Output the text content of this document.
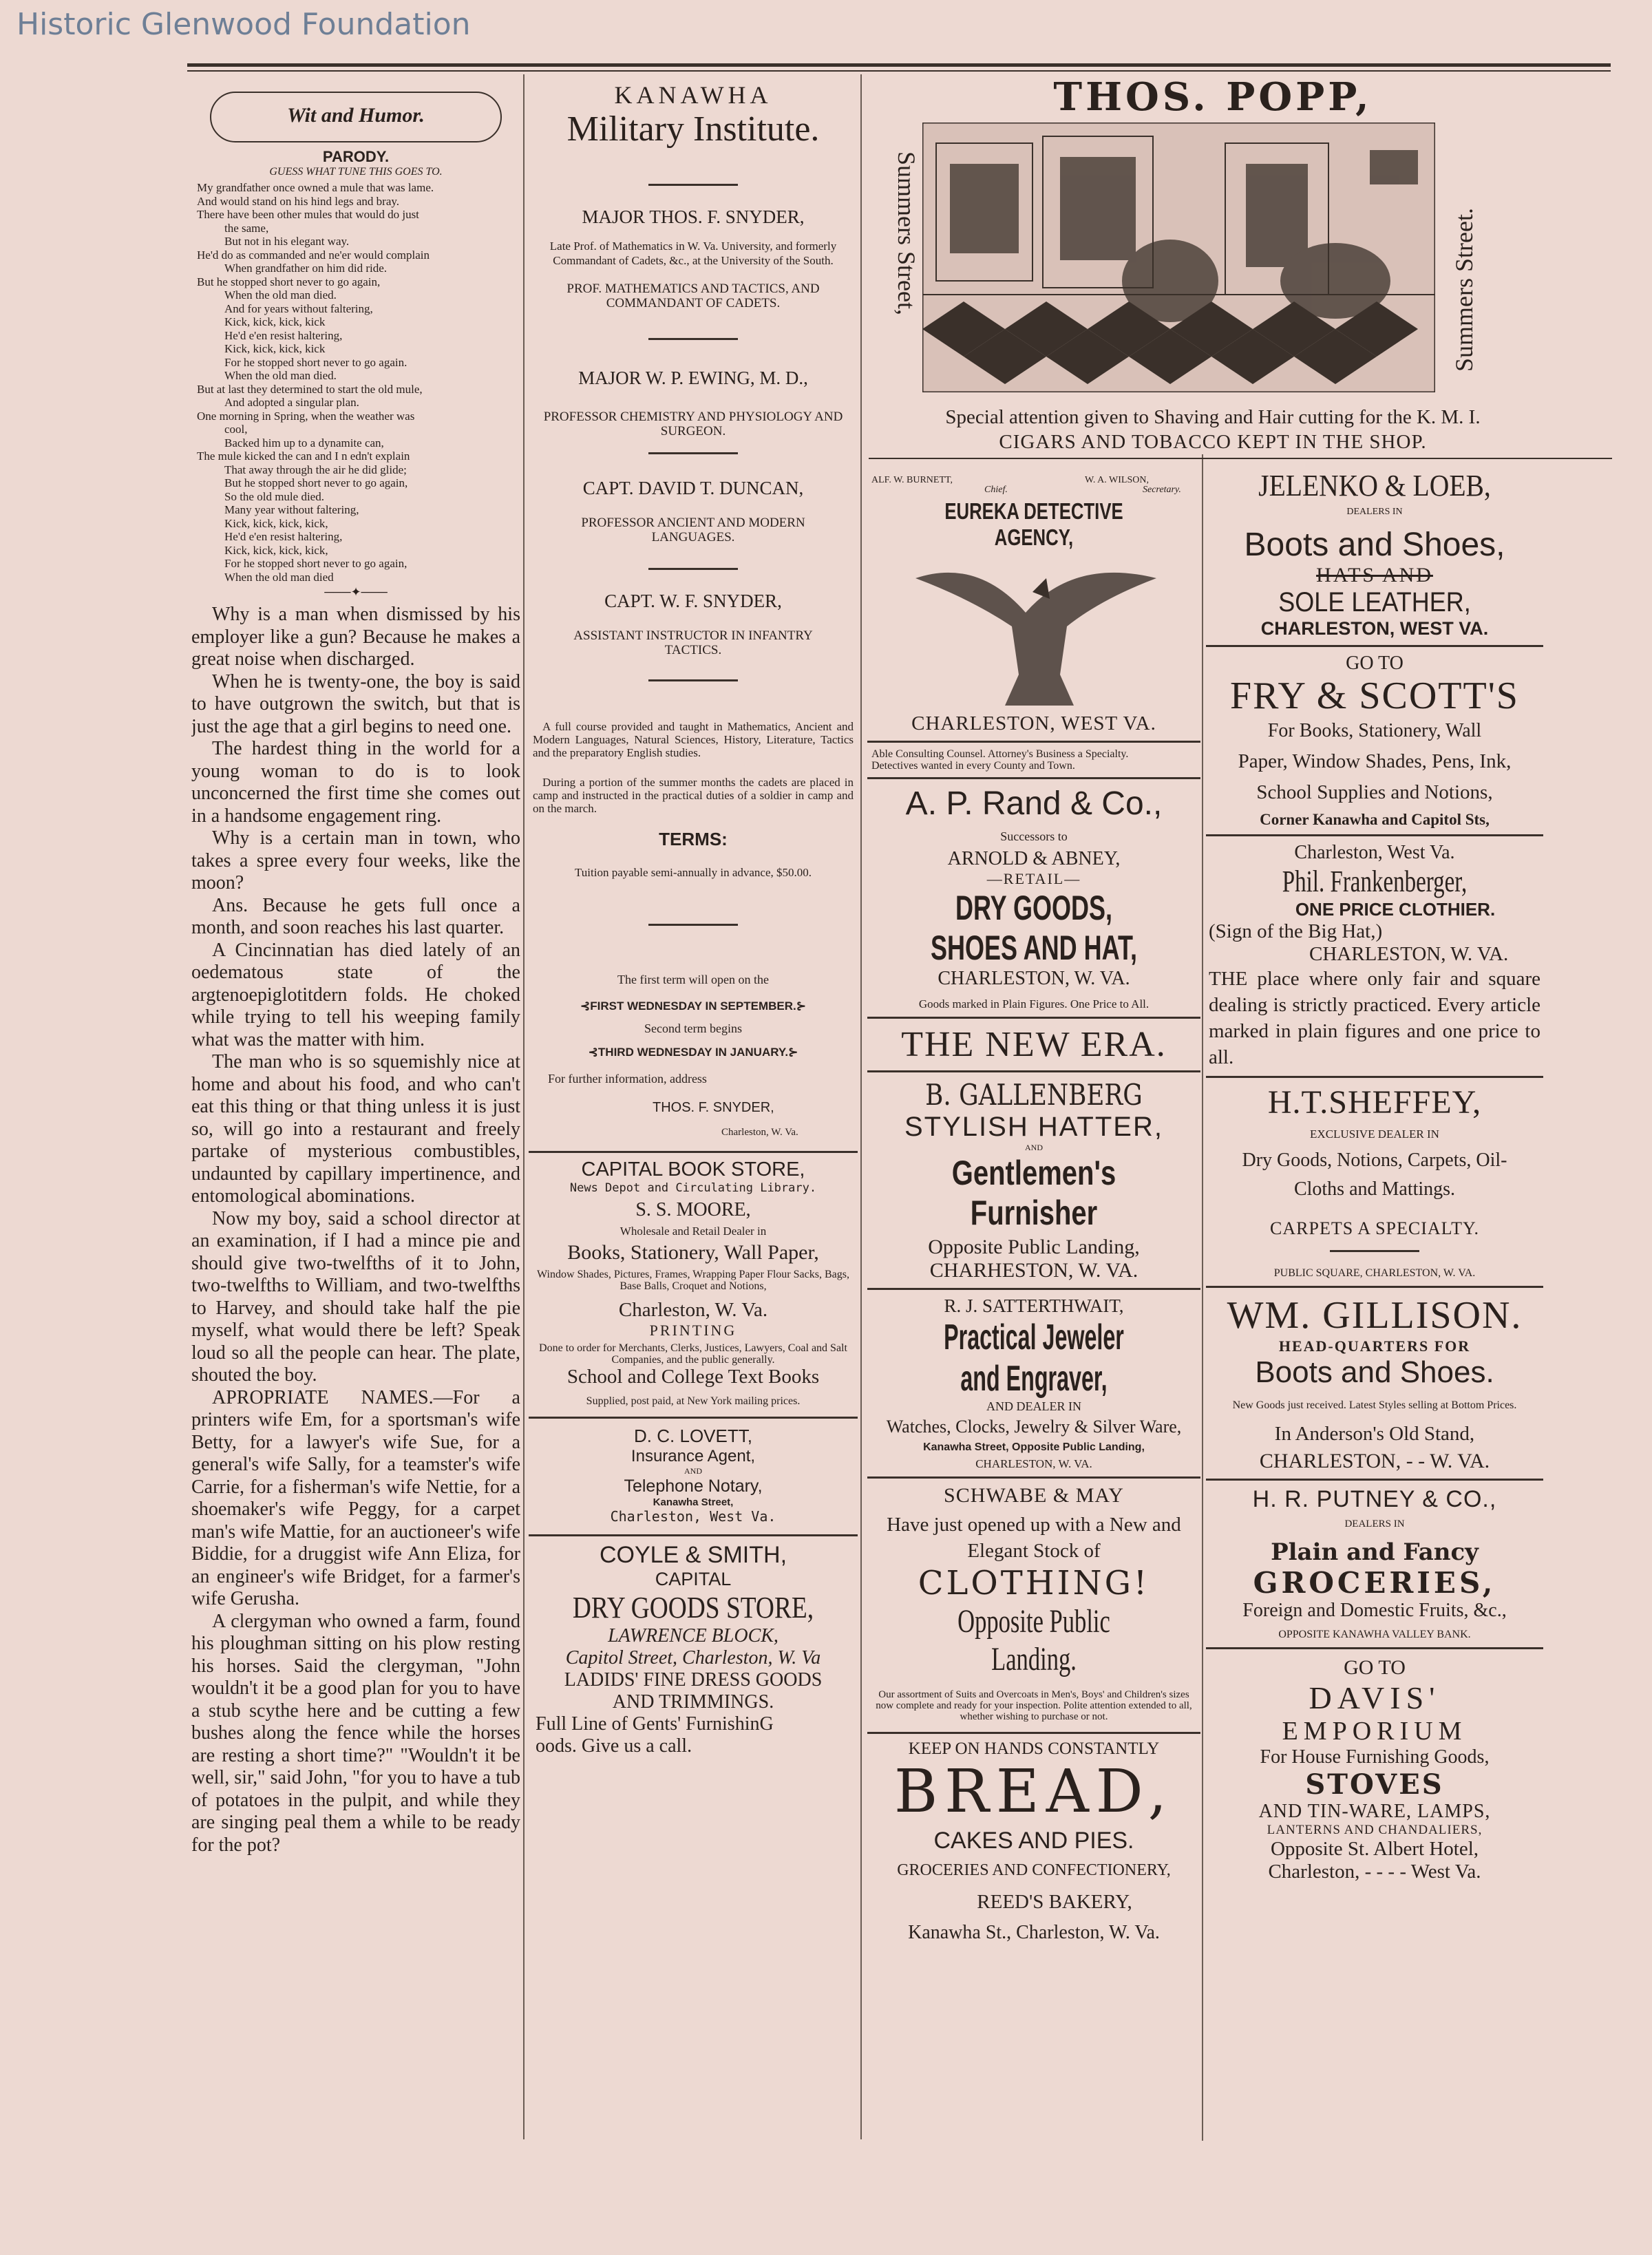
Historic Glenwood Foundation
Wit and Humor.
PARODY.
GUESS WHAT TUNE THIS GOES TO.
My grandfather once owned a mule that was lame.
And would stand on his hind legs and bray.
There have been other mules that would do just
the same,
But not in his elegant way.
He'd do as commanded and ne'er would complain
When grandfather on him did ride.
But he stopped short never to go again,
When the old man died.
And for years without faltering,
Kick, kick, kick, kick
He'd e'en resist haltering,
Kick, kick, kick, kick
For he stopped short never to go again.
When the old man died.
But at last they determined to start the old mule,
And adopted a singular plan.
One morning in Spring, when the weather was
cool,
Backed him up to a dynamite can,
The mule kicked the can and I n edn't explain
That away through the air he did glide;
But he stopped short never to go again,
So the old mule died.
Many year without faltering,
Kick, kick, kick, kick,
He'd e'en resist haltering,
Kick, kick, kick, kick,
For he stopped short never to go again,
When the old man died
───✦───

Why is a man when dismissed by his employer like a gun? Because he makes a great noise when discharged.

When he is twenty-one, the boy is said to have outgrown the switch, but that is just the age that a girl begins to need one.

The hardest thing in the world for a young woman to do is to look unconcerned the first time she comes out in a handsome engagement ring.

Why is a certain man in town, who takes a spree every four weeks, like the moon?

Ans. Because he gets full once a month, and soon reaches his last quarter.

A Cincinnatian has died lately of an oedematous state of the argtenoepiglotitdern folds. He choked while trying to tell his weeping family what was the matter with him.

The man who is so squemishly nice at home and about his food, and who can't eat this thing or that thing unless it is just so, will go into a restaurant and freely partake of mysterious combustibles, undaunted by capillary impertinence, and entomological abominations.

Now my boy, said a school director at an examination, if I had a mince pie and should give two-twelfths of it to John, two-twelfths to William, and two-twelfths to Harvey, and should take half the pie myself, what would there be left? Speak loud so all the people can hear. The plate, shouted the boy.

APROPRIATE NAMES.—For a printers wife Em, for a sportsman's wife Betty, for a lawyer's wife Sue, for a general's wife Sally, for a teamster's wife Carrie, for a fisherman's wife Nettie, for a shoemaker's wife Peggy, for a carpet man's wife Mattie, for an auctioneer's wife Biddie, for a druggist wife Ann Eliza, for an engineer's wife Bridget, for a farmer's wife Gerusha.

A clergyman who owned a farm, found his ploughman sitting on his plow resting his horses. Said the clergyman, "John wouldn't it be a good plan for you to have a stub scythe here and be cutting a few bushes along the fence while the horses are resting a short time?" "Wouldn't it be well, sir," said John, "for you to have a tub of potatoes in the pulpit, and while they are singing peal them a while to be ready for the pot?

KANAWHA
Military Institute.
MAJOR THOS. F. SNYDER,
Late Prof. of Mathematics in W. Va. University, and formerly Commandant of Cadets, &c., at the University of the South.
PROF. MATHEMATICS AND TACTICS, AND COMMANDANT OF CADETS.
MAJOR W. P. EWING, M. D.,
PROFESSOR CHEMISTRY AND PHYSIOLOGY AND SURGEON.
CAPT. DAVID T. DUNCAN,
PROFESSOR ANCIENT AND MODERN LANGUAGES.
CAPT. W. F. SNYDER,
ASSISTANT INSTRUCTOR IN INFANTRY TACTICS.
A full course provided and taught in Mathematics, Ancient and Modern Languages, Natural Sciences, History, Literature, Tactics and the preparatory English studies.
During a portion of the summer months the cadets are placed in camp and instructed in the practical duties of a soldier in camp and on the march.
TERMS:
Tuition payable semi-annually in advance, $50.00.
The first term will open on the
⊰FIRST WEDNESDAY IN SEPTEMBER.⊱
Second term begins
⊰THIRD WEDNESDAY IN JANUARY.⊱
For further information, address
THOS. F. SNYDER,
Charleston, W. Va.
CAPITAL BOOK STORE,
News Depot and Circulating Library.
S. S. MOORE,
Wholesale and Retail Dealer in
Books, Stationery, Wall Paper,
Window Shades, Pictures, Frames, Wrapping Paper Flour Sacks, Bags, Base Balls, Croquet and Notions,
Charleston, W. Va.
PRINTING
Done to order for Merchants, Clerks, Justices, Lawyers, Coal and Salt Companies, and the public generally.
School and College Text Books
Supplied, post paid, at New York mailing prices.
D. C. LOVETT,
Insurance Agent,
AND
Telephone Notary,
Kanawha Street,
Charleston, West Va.
COYLE & SMITH,
CAPITAL
DRY GOODS STORE,
LAWRENCE BLOCK,
Capitol Street, Charleston, W. Va
LADIDS' FINE DRESS GOODS
AND TRIMMINGS.
Full Line of Gents' FurnishinG
oods. Give us a call.
THOS. POPP,
Summers Street,	Summers Street.
Special attention given to Shaving and Hair cutting for the K. M. I.
CIGARS AND TOBACCO KEPT IN THE SHOP.
ALF. W. BURNETT,
Chief.
W. A. WILSON,
Secretary.
EUREKA DETECTIVE AGENCY,
CHARLESTON, WEST VA.
Able Consulting Counsel. Attorney's Business a Specialty.
Detectives wanted in every County and Town.
A. P. Rand & Co.,
Successors to
ARNOLD & ABNEY,
—RETAIL—
DRY GOODS, SHOES AND HAT,
CHARLESTON, W. VA.
Goods marked in Plain Figures. One Price to All.
THE NEW ERA.
B. GALLENBERG
STYLISH HATTER,
AND
Gentlemen's Furnisher
Opposite Public Landing,
CHARHESTON, W. VA.
R. J. SATTERTHWAIT,
Practical Jeweler and Engraver,
AND DEALER IN
Watches, Clocks, Jewelry & Silver Ware,
Kanawha Street, Opposite Public Landing,
CHARLESTON, W. VA.
SCHWABE & MAY
Have just opened up with a New and Elegant Stock of
CLOTHING!
Opposite Public Landing.
Our assortment of Suits and Overcoats in Men's, Boys' and Children's sizes now complete and ready for your inspection. Polite attention extended to all, whether wishing to purchase or not.
KEEP ON HANDS CONSTANTLY
BREAD,
CAKES AND PIES.
GROCERIES AND CONFECTIONERY,
REED'S BAKERY,
Kanawha St., Charleston, W. Va.
JELENKO & LOEB,
DEALERS IN
Boots and Shoes,
HATS AND
SOLE LEATHER,
CHARLESTON, WEST VA.
GO TO
FRY & SCOTT'S
For Books, Stationery, Wall
Paper, Window Shades, Pens, Ink,
School Supplies and Notions,
Corner Kanawha and Capitol Sts,
Charleston, West Va.
Phil. Frankenberger,
ONE PRICE CLOTHIER.
(Sign of the Big Hat,)
CHARLESTON, W. VA.
THE place where only fair and square dealing is strictly practiced. Every article marked in plain figures and one price to all.
H.T.SHEFFEY,
EXCLUSIVE DEALER IN
Dry Goods, Notions, Carpets, Oil-
Cloths and Mattings.
CARPETS A SPECIALTY.
PUBLIC SQUARE, CHARLESTON, W. VA.
WM. GILLISON.
HEAD-QUARTERS FOR
Boots and Shoes.
New Goods just received. Latest Styles selling at Bottom Prices.
In Anderson's Old Stand,
CHARLESTON, - - W. VA.
H. R. PUTNEY & CO.,
DEALERS IN
Plain and Fancy
GROCERIES,
Foreign and Domestic Fruits, &c.,
OPPOSITE KANAWHA VALLEY BANK.
GO TO
DAVIS'
EMPORIUM
For House Furnishing Goods,
STOVES
AND TIN-WARE, LAMPS,
LANTERNS AND CHANDALIERS,
Opposite St. Albert Hotel,
Charleston, - - - - West Va.
